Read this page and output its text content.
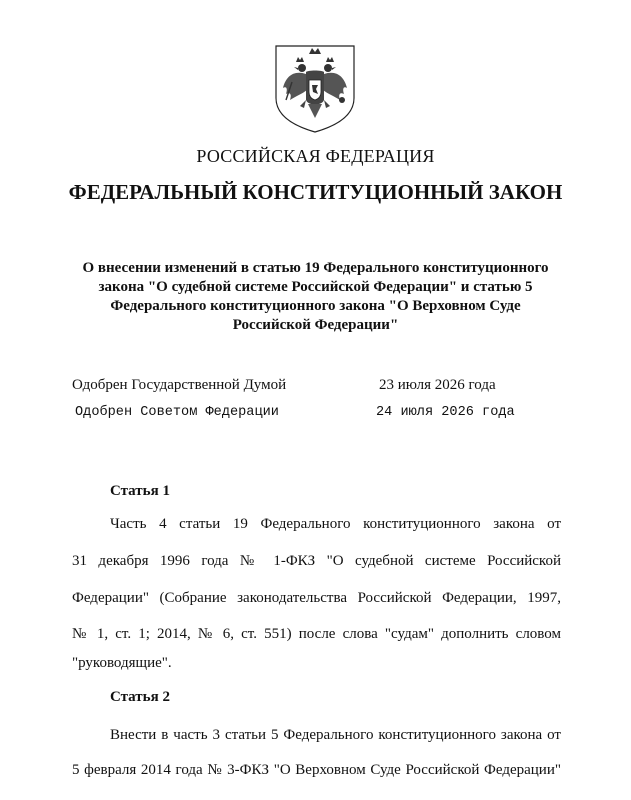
РОССИЙСКАЯ ФЕДЕРАЦИЯ
ФЕДЕРАЛЬНЫЙ КОНСТИТУЦИОННЫЙ ЗАКОН
О внесении изменений в статью 19 Федерального конституционного
закона "О судебной системе Российской Федерации" и статью 5
Федерального конституционного закона "О Верховном Суде
Российской Федерации"
Одобрен Государственной Думой	23 июля 2026 года
Одобрен Советом Федерации	24 июля 2026 года
Статья 1
Часть 4 статьи 19 Федерального конституционного закона от
31 декабря 1996 года № 1-ФКЗ "О судебной системе Российской
Федерации" (Собрание законодательства Российской Федерации, 1997,
№ 1, ст. 1; 2014, № 6, ст. 551) после слова "судам" дополнить словом
"руководящие".
Статья 2
Внести в часть 3 статьи 5 Федерального конституционного закона от
5 февраля 2014 года № 3-ФКЗ "О Верховном Суде Российской Федерации"
